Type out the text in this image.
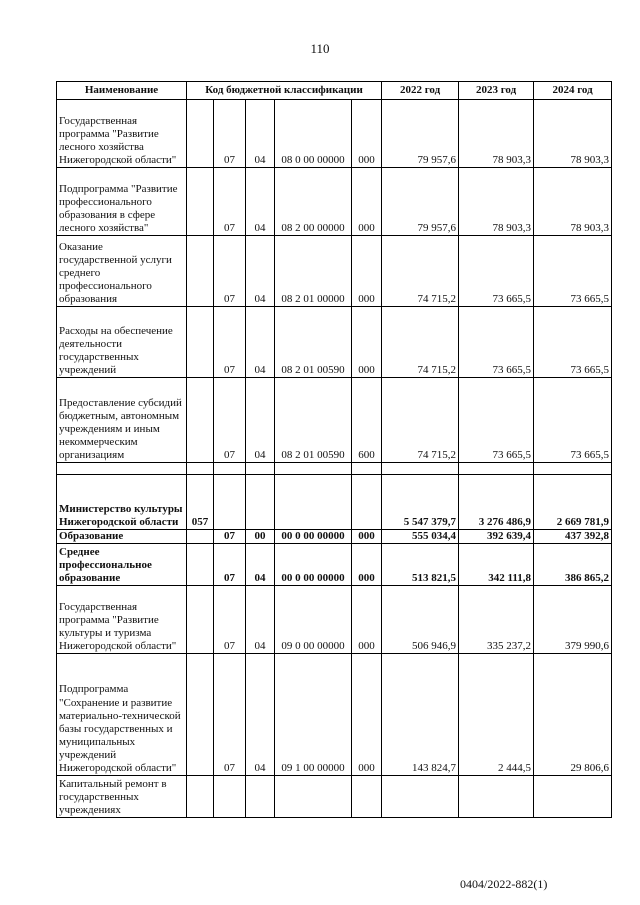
110
Наименование	Код бюджетной классификации					2022 год	2023 год	2024 год
Государственная программа "Развитие лесного хозяйства Нижегородской области"		07	04	08 0 00 00000	000	79 957,6	78 903,3	78 903,3
Подпрограмма "Развитие профессионального образования в сфере лесного хозяйства"		07	04	08 2 00 00000	000	79 957,6	78 903,3	78 903,3
Оказание государственной услуги среднего профессионального образования		07	04	08 2 01 00000	000	74 715,2	73 665,5	73 665,5
Расходы на обеспечение деятельности государственных учреждений		07	04	08 2 01 00590	000	74 715,2	73 665,5	73 665,5
Предоставление субсидий бюджетным, автономным учреждениям и иным некоммерческим организациям		07	04	08 2 01 00590	600	74 715,2	73 665,5	73 665,5

Министерство культуры Нижегородской области	057					5 547 379,7	3 276 486,9	2 669 781,9
Образование		07	00	00 0 00 00000	000	555 034,4	392 639,4	437 392,8
Среднее профессиональное образование		07	04	00 0 00 00000	000	513 821,5	342 111,8	386 865,2
Государственная программа "Развитие культуры и туризма Нижегородской области"		07	04	09 0 00 00000	000	506 946,9	335 237,2	379 990,6
Подпрограмма "Сохранение и развитие материально-технической базы государственных и муниципальных учреждений Нижегородской области"		07	04	09 1 00 00000	000	143 824,7	2 444,5	29 806,6
Капитальный ремонт в государственных учреждениях								
0404/2022-882(1)
